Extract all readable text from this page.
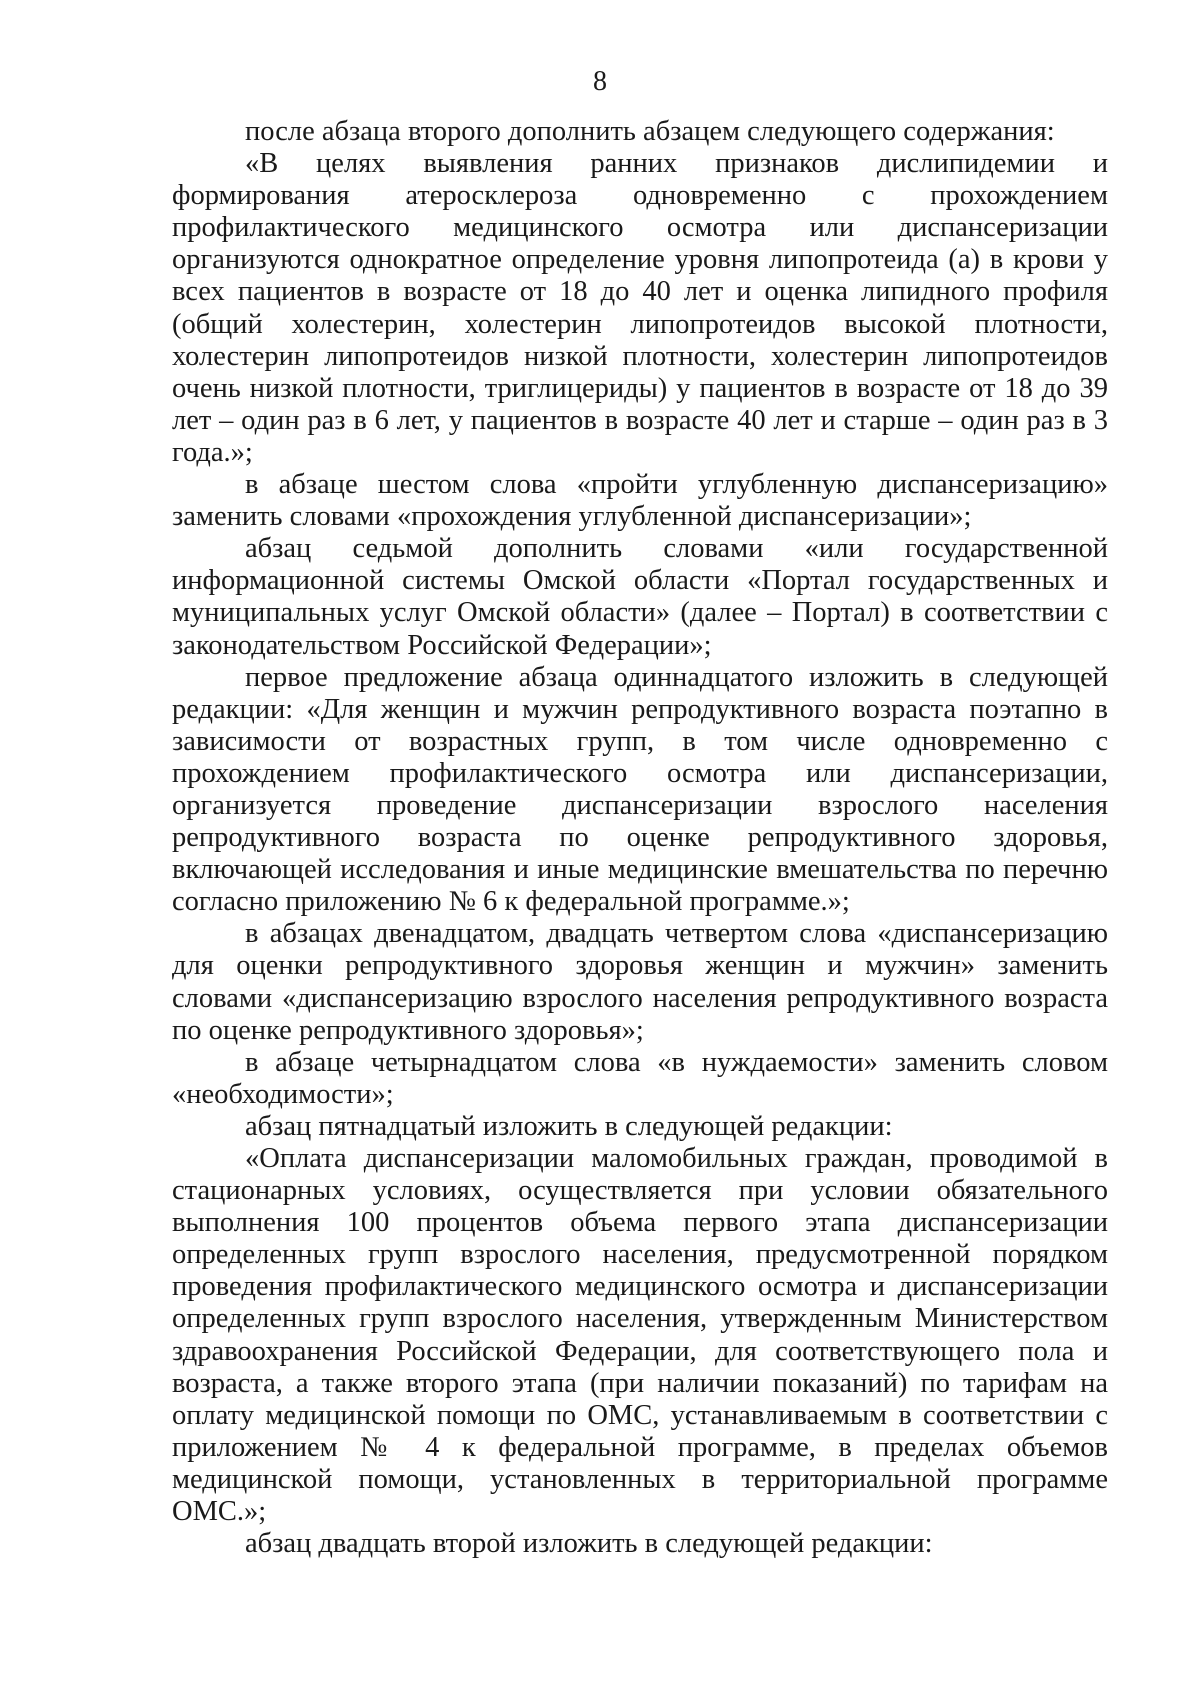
8

после абзаца второго дополнить абзацем следующего содержания:

«В целях выявления ранних признаков дислипидемии и формирования атеросклероза одновременно с прохождением профилактического медицинского осмотра или диспансеризации организуются однократное определение уровня липопротеида (а) в крови у всех пациентов в возрасте от 18 до 40 лет и оценка липидного профиля (общий холестерин, холестерин липопротеидов высокой плотности, холестерин липопротеидов низкой плотности, холестерин липопротеидов очень низкой плотности, триглицериды) у пациентов в возрасте от 18 до 39 лет – один раз в 6 лет, у пациентов в возрасте 40 лет и старше – один раз в 3 года.»;

в абзаце шестом слова «пройти углубленную диспансеризацию» заменить словами «прохождения углубленной диспансеризации»;

абзац седьмой дополнить словами «или государственной информационной системы Омской области «Портал государственных и муниципальных услуг Омской области» (далее – Портал) в соответствии с законодательством Российской Федерации»;

первое предложение абзаца одиннадцатого изложить в следующей редакции: «Для женщин и мужчин репродуктивного возраста поэтапно в зависимости от возрастных групп, в том числе одновременно с прохождением профилактического осмотра или диспансеризации, организуется проведение диспансеризации взрослого населения репродуктивного возраста по оценке репродуктивного здоровья, включающей исследования и иные медицинские вмешательства по перечню согласно приложению № 6 к федеральной программе.»;

в абзацах двенадцатом, двадцать четвертом слова «диспансеризацию для оценки репродуктивного здоровья женщин и мужчин» заменить словами «диспансеризацию взрослого населения репродуктивного возраста по оценке репродуктивного здоровья»;

в абзаце четырнадцатом слова «в нуждаемости» заменить словом «необходимости»;

абзац пятнадцатый изложить в следующей редакции:

«Оплата диспансеризации маломобильных граждан, проводимой в стационарных условиях, осуществляется при условии обязательного выполнения 100 процентов объема первого этапа диспансеризации определенных групп взрослого населения, предусмотренной порядком проведения профилактического медицинского осмотра и диспансеризации определенных групп взрослого населения, утвержденным Министерством здравоохранения Российской Федерации, для соответствующего пола и возраста, а также второго этапа (при наличии показаний) по тарифам на оплату медицинской помощи по ОМС, устанавливаемым в соответствии с приложением № 4 к федеральной программе, в пределах объемов медицинской помощи, установленных в территориальной программе ОМС.»;

абзац двадцать второй изложить в следующей редакции:
